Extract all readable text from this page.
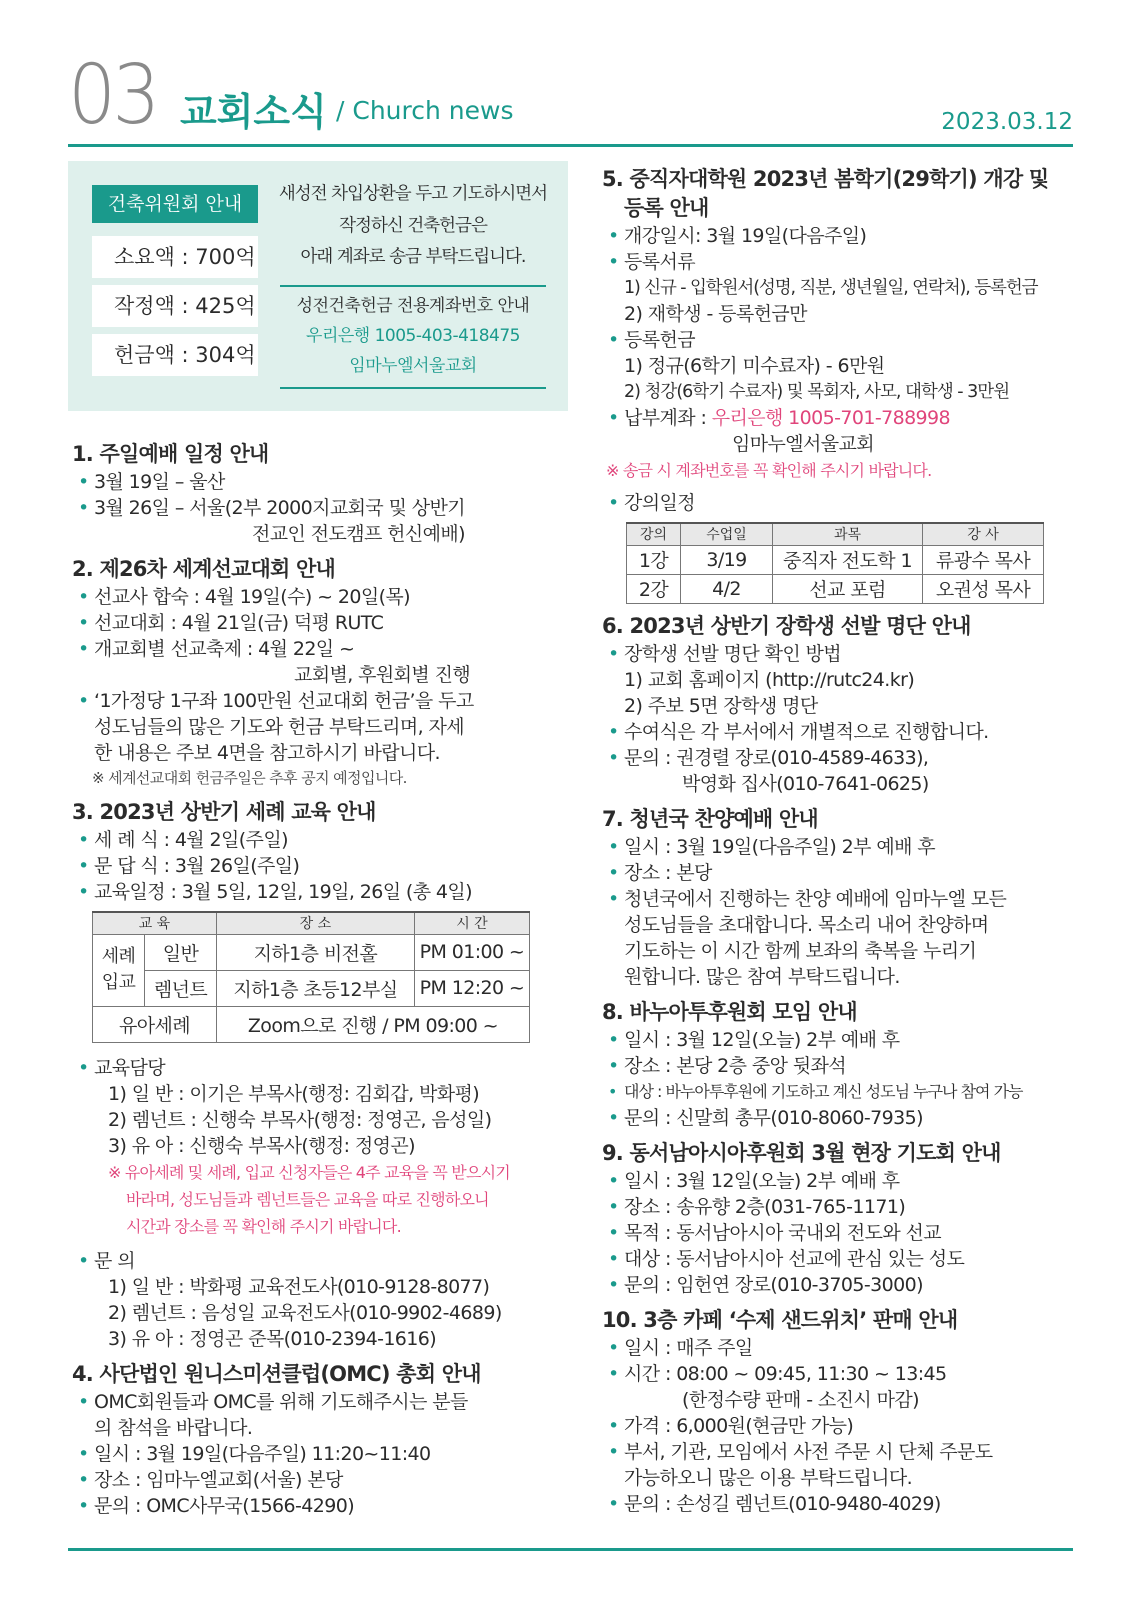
03 교회소식 / Church news	2023.03.12
건축위원회 안내
소요액 : 700억
작정액 : 425억
헌금액 : 304억
새성전 차입상환을 두고 기도하시면서
작정하신 건축헌금은
아래 계좌로 송금 부탁드립니다.
성전건축헌금 전용계좌번호 안내
우리은행 1005-403-418475
임마누엘서울교회
1. 주일예배 일정 안내
• 3월 19일 – 울산
• 3월 26일 – 서울(2부 2000지교회국 및 상반기
전교인 전도캠프 헌신예배)
2. 제26차 세계선교대회 안내
• 선교사 합숙 : 4월 19일(수) ~ 20일(목)
• 선교대회 : 4월 21일(금) 덕평 RUTC
• 개교회별 선교축제 : 4월 22일 ~
교회별, 후원회별 진행
• ‘1가정당 1구좌 100만원 선교대회 헌금’을 두고
성도님들의 많은 기도와 헌금 부탁드리며, 자세
한 내용은 주보 4면을 참고하시기 바랍니다.
※ 세계선교대회 헌금주일은 추후 공지 예정입니다.
3. 2023년 상반기 세례 교육 안내
• 세 례 식 : 4월 2일(주일)
• 문 답 식 : 3월 26일(주일)
• 교육일정 : 3월 5일, 12일, 19일, 26일 (총 4일)
교 육		장 소	시 간
세례
입교	일반	지하1층 비전홀	PM 01:00 ~
	렘넌트	지하1층 초등12부실	PM 12:20 ~
유아세례		Zoom으로 진행 / PM 09:00 ~	
• 교육담당
1) 일 반 : 이기은 부목사(행정: 김회갑, 박화평)
2) 렘넌트 : 신행숙 부목사(행정: 정영곤, 음성일)
3) 유 아 : 신행숙 부목사(행정: 정영곤)
※ 유아세례 및 세례, 입교 신청자들은 4주 교육을 꼭 받으시기
바라며, 성도님들과 렘넌트들은 교육을 따로 진행하오니
시간과 장소를 꼭 확인해 주시기 바랍니다.
• 문 의
1) 일 반 : 박화평 교육전도사(010-9128-8077)
2) 렘넌트 : 음성일 교육전도사(010-9902-4689)
3) 유 아 : 정영곤 준목(010-2394-1616)
4. 사단법인 원니스미션클럽(OMC) 총회 안내
• OMC회원들과 OMC를 위해 기도해주시는 분들
의 참석을 바랍니다.
• 일시 : 3월 19일(다음주일) 11:20~11:40
• 장소 : 임마누엘교회(서울) 본당
• 문의 : OMC사무국(1566-4290)
5. 중직자대학원 2023년 봄학기(29학기) 개강 및
등록 안내
• 개강일시: 3월 19일(다음주일)
• 등록서류
1) 신규 - 입학원서(성명, 직분, 생년월일, 연락처), 등록헌금
2) 재학생 - 등록헌금만
• 등록헌금
1) 정규(6학기 미수료자) - 6만원
2) 청강(6학기 수료자) 및 목회자, 사모, 대학생 - 3만원
• 납부계좌 : 우리은행 1005-701-788998
임마누엘서울교회
※ 송금 시 계좌번호를 꼭 확인해 주시기 바랍니다.
• 강의일정
강의	수업일	과목	강 사
1강	3/19	중직자 전도학 1	류광수 목사
2강	4/2	선교 포럼	오권성 목사
6. 2023년 상반기 장학생 선발 명단 안내
• 장학생 선발 명단 확인 방법
1) 교회 홈페이지 (http://rutc24.kr)
2) 주보 5면 장학생 명단
• 수여식은 각 부서에서 개별적으로 진행합니다.
• 문의 : 권경렬 장로(010-4589-4633),
박영화 집사(010-7641-0625)
7. 청년국 찬양예배 안내
• 일시 : 3월 19일(다음주일) 2부 예배 후
• 장소 : 본당
• 청년국에서 진행하는 찬양 예배에 임마누엘 모든
성도님들을 초대합니다. 목소리 내어 찬양하며
기도하는 이 시간 함께 보좌의 축복을 누리기
원합니다. 많은 참여 부탁드립니다.
8. 바누아투후원회 모임 안내
• 일시 : 3월 12일(오늘) 2부 예배 후
• 장소 : 본당 2층 중앙 뒷좌석
• 대상 : 바누아투후원에 기도하고 계신 성도님 누구나 참여 가능
• 문의 : 신말희 총무(010-8060-7935)
9. 동서남아시아후원회 3월 현장 기도회 안내
• 일시 : 3월 12일(오늘) 2부 예배 후
• 장소 : 송유향 2층(031-765-1171)
• 목적 : 동서남아시아 국내외 전도와 선교
• 대상 : 동서남아시아 선교에 관심 있는 성도
• 문의 : 임헌연 장로(010-3705-3000)
10. 3층 카페 ‘수제 샌드위치’ 판매 안내
• 일시 : 매주 주일
• 시간 : 08:00 ~ 09:45, 11:30 ~ 13:45
(한정수량 판매 - 소진시 마감)
• 가격 : 6,000원(현금만 가능)
• 부서, 기관, 모임에서 사전 주문 시 단체 주문도
가능하오니 많은 이용 부탁드립니다.
• 문의 : 손성길 렘넌트(010-9480-4029)
